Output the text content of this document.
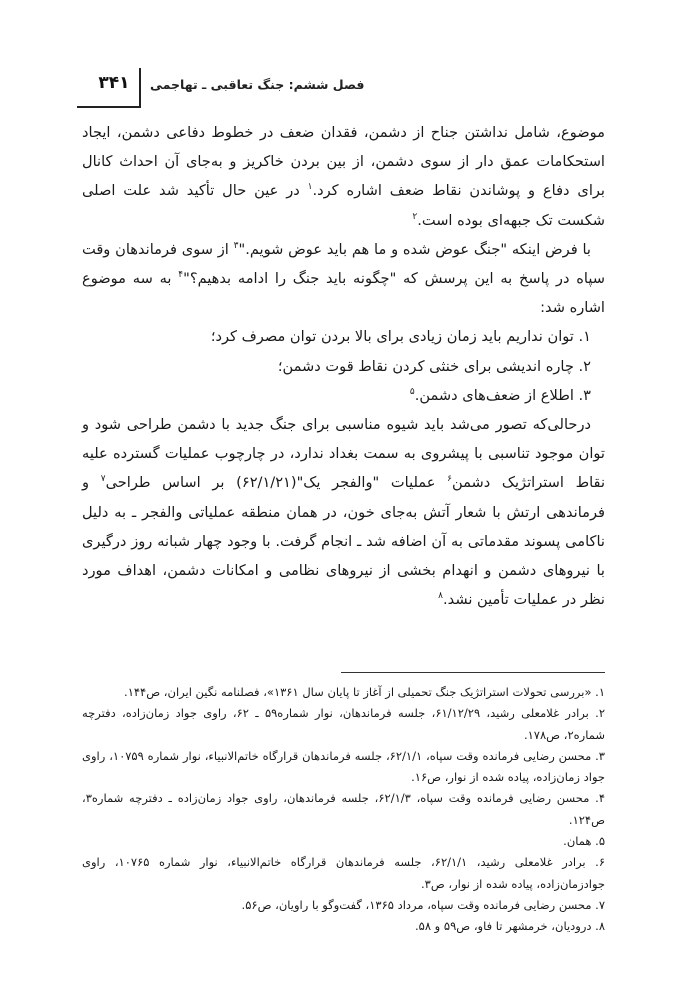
۳۴۱	فصل ششم: جنگ تعاقبی ـ تهاجمی

موضوع، شامل نداشتن جناح از دشمن، فقدان ضعف در خطوط دفاعی دشمن، ایجاد استحکامات عمق دار از سوی دشمن، از بین بردن خاکریز و به‌جای آن احداث کانال برای دفاع و پوشاندن نقاط ضعف اشاره کرد.$^۱$ در عین حال تأکید شد علت اصلی شکست تک جبهه‌ای بوده است.$^۲$

با فرض اینکه "جنگ عوض شده و ما هم باید عوض شویم."$^۳$ از سوی فرماندهان وقت سپاه در پاسخ به این پرسش که "چگونه باید جنگ را ادامه بدهیم؟"$^۴$ به سه موضوع اشاره شد:

۱. توان نداریم باید زمان زیادی برای بالا بردن توان مصرف کرد؛
۲. چاره اندیشی برای خنثی کردن نقاط قوت دشمن؛
۳. اطلاع از ضعف‌های دشمن.$^۵$

درحالی‌که تصور می‌شد باید شیوه مناسبی برای جنگ جدید با دشمن طراحی شود و توان موجود تناسبی با پیشروی به سمت بغداد ندارد، در چارچوب عملیات گسترده علیه نقاط استراتژیک دشمن$^۶$ عملیات "والفجر یک"(۶۲/۱/۲۱) بر اساس طراحی$^۷$ و فرماندهی ارتش با شعار آتش به‌جای خون، در همان منطقه عملیاتی والفجر ـ به دلیل ناکامی پسوند مقدماتی به آن اضافه شد ـ انجام گرفت. با وجود چهار شبانه روز درگیری با نیروهای دشمن و انهدام بخشی از نیروهای نظامی و امکانات دشمن، اهداف مورد نظر در عملیات تأمین نشد.$^۸$

۱. «بررسی تحولات استراتژیک جنگ تحمیلی از آغاز تا پایان سال ۱۳۶۱»، فصلنامه نگین ایران، ص۱۴۴.

۲. برادر غلامعلی رشید، ۶۱/۱۲/۲۹، جلسه فرماندهان، نوار شماره۵۹ ـ ۶۲، راوی جواد زمان‌زاده، دفترچه شماره۲، ص۱۷۸.

۳. محسن رضایی فرمانده وقت سپاه، ۶۲/۱/۱، جلسه فرماندهان قرارگاه خاتم‌الانبیاء، نوار شماره ۱۰۷۵۹، راوی جواد زمان‌زاده، پیاده شده از نوار، ص۱۶.

۴. محسن رضایی فرمانده وقت سپاه، ۶۲/۱/۳، جلسه فرماندهان، راوی جواد زمان‌زاده ـ دفترچه شماره۳، ص۱۲۴.

۵. همان.

۶. برادر غلامعلی رشید، ۶۲/۱/۱، جلسه فرماندهان قرارگاه خاتم‌الانبیاء، نوار شماره ۱۰۷۶۵، راوی جوادزمان‌زاده، پیاده شده از نوار، ص۳.

۷. محسن رضایی فرمانده وقت سپاه، مرداد ۱۳۶۵، گفت‌وگو با راویان، ص۵۶.

۸. درودیان، خرمشهر تا فاو، ص۵۹ و ۵۸.
